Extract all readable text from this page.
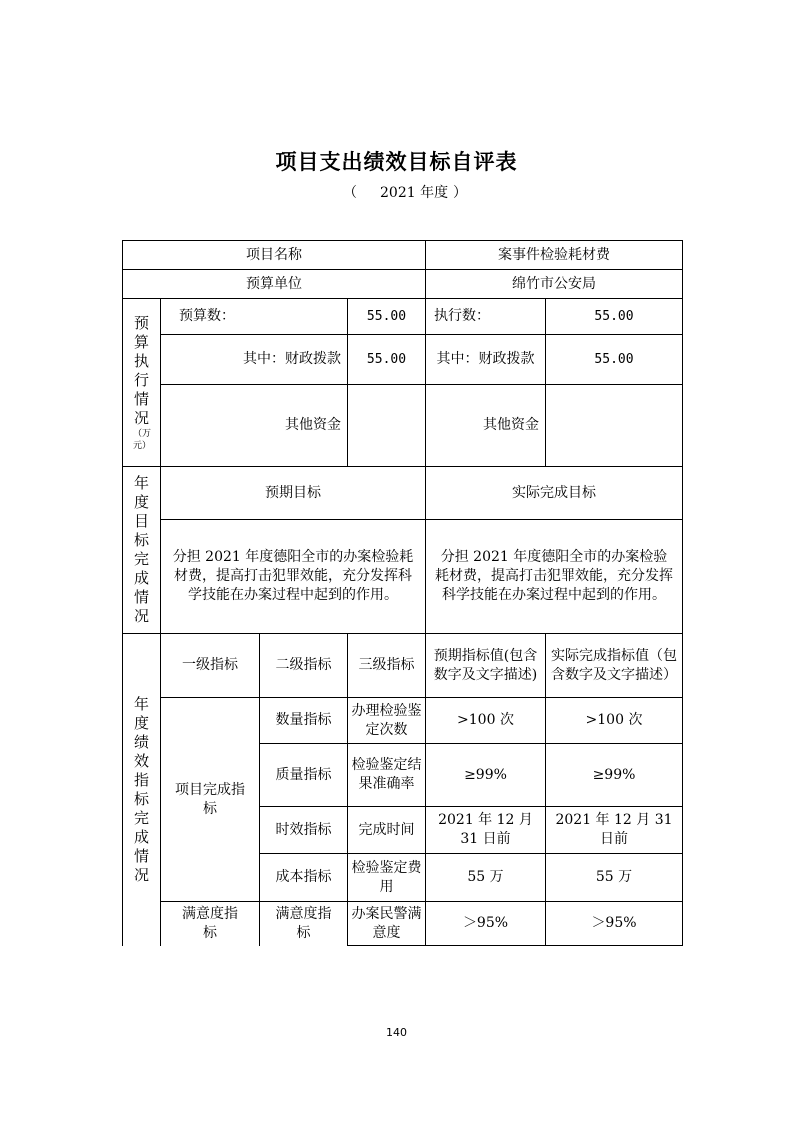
项目支出绩效目标自评表
（ 2021 年度 ）
项目名称				案事件检验耗材费	
预算单位				绵竹市公安局	
预算执行情况
（万元）	预算数：		55.00	执行数：	55.00
	其中：财政拨款		55.00	其中：财政拨款	55.00
	其他资金			其他资金	
年度目标完成情况	预期目标			实际完成目标	
	分担 2021 年度德阳全市的办案检验耗材费，提高打击犯罪效能，充分发挥科学技能在办案过程中起到的作用。			分担 2021 年度德阳全市的办案检验耗材费，提高打击犯罪效能，充分发挥科学技能在办案过程中起到的作用。	
年度绩效指标完成情况	一级指标	二级指标	三级指标	预期指标值(包含数字及文字描述)	实际完成指标值（包含数字及文字描述）
	项目完成指标	数量指标	办理检验鉴定次数	>100 次	>100 次
		质量指标	检验鉴定结果准确率	≥99%	≥99%
		时效指标	完成时间	2021 年 12 月 31 日前	2021 年 12 月 31 日前
		成本指标	检验鉴定费用	55 万	55 万
	满意度指标	满意度指标	办案民警满意度	＞95%	＞95%
140
